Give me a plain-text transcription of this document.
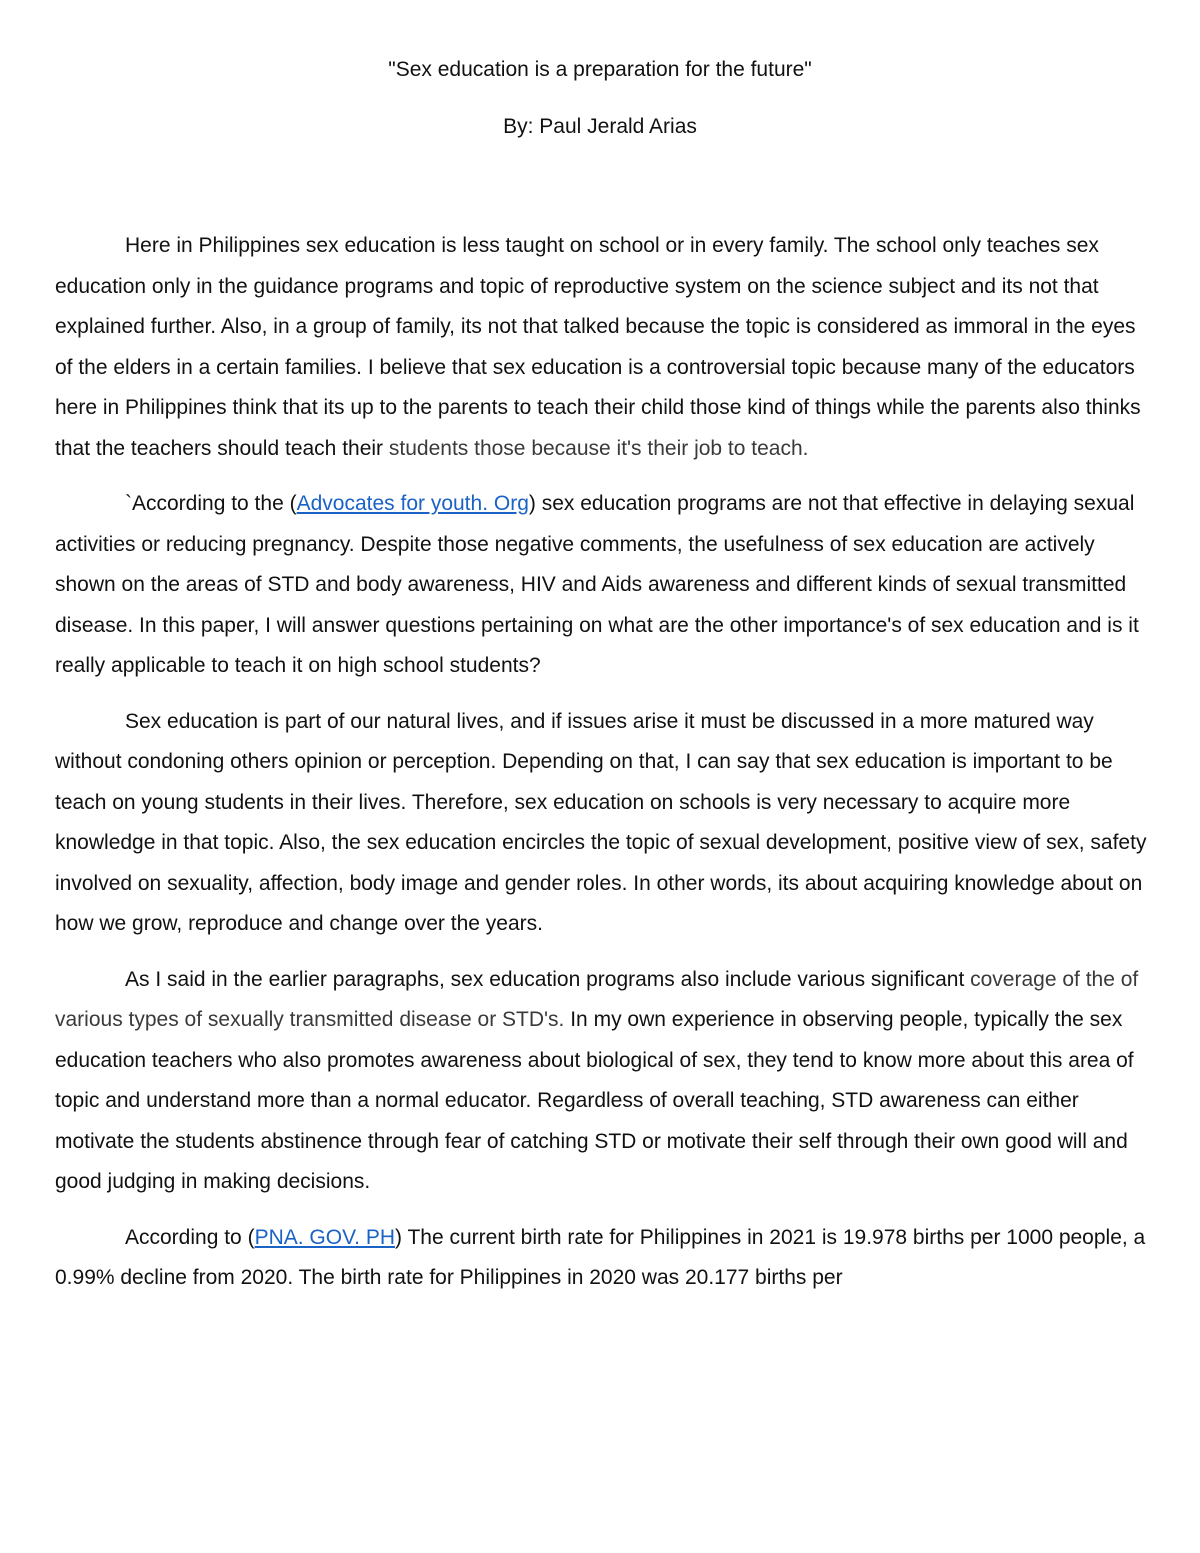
"Sex education is a preparation for the future"
By: Paul Jerald Arias

Here in Philippines sex education is less taught on school or in every family. The school only teaches sex education only in the guidance programs and topic of reproductive system on the science subject and its not that explained further. Also, in a group of family, its not that talked because the topic is considered as immoral in the eyes of the elders in a certain families. I believe that sex education is a controversial topic because many of the educators here in Philippines think that its up to the parents to teach their child those kind of things while the parents also thinks that the teachers should teach their students those because it's their job to teach.

`According to the (Advocates for youth. Org) sex education programs are not that effective in delaying sexual activities or reducing pregnancy. Despite those negative comments, the usefulness of sex education are actively shown on the areas of STD and body awareness, HIV and Aids awareness and different kinds of sexual transmitted disease. In this paper, I will answer questions pertaining on what are the other importance's of sex education and is it really applicable to teach it on high school students?

Sex education is part of our natural lives, and if issues arise it must be discussed in a more matured way without condoning others opinion or perception. Depending on that, I can say that sex education is important to be teach on young students in their lives. Therefore, sex education on schools is very necessary to acquire more knowledge in that topic. Also, the sex education encircles the topic of sexual development, positive view of sex, safety involved on sexuality, affection, body image and gender roles. In other words, its about acquiring knowledge about on how we grow, reproduce and change over the years.

As I said in the earlier paragraphs, sex education programs also include various significant coverage of the of various types of sexually transmitted disease or STD's. In my own experience in observing people, typically the sex education teachers who also promotes awareness about biological of sex, they tend to know more about this area of topic and understand more than a normal educator. Regardless of overall teaching, STD awareness can either motivate the students abstinence through fear of catching STD or motivate their self through their own good will and good judging in making decisions.

According to (PNA. GOV. PH) The current birth rate for Philippines in 2021 is 19.978 births per 1000 people, a 0.99% decline from 2020. The birth rate for Philippines in 2020 was 20.177 births per
